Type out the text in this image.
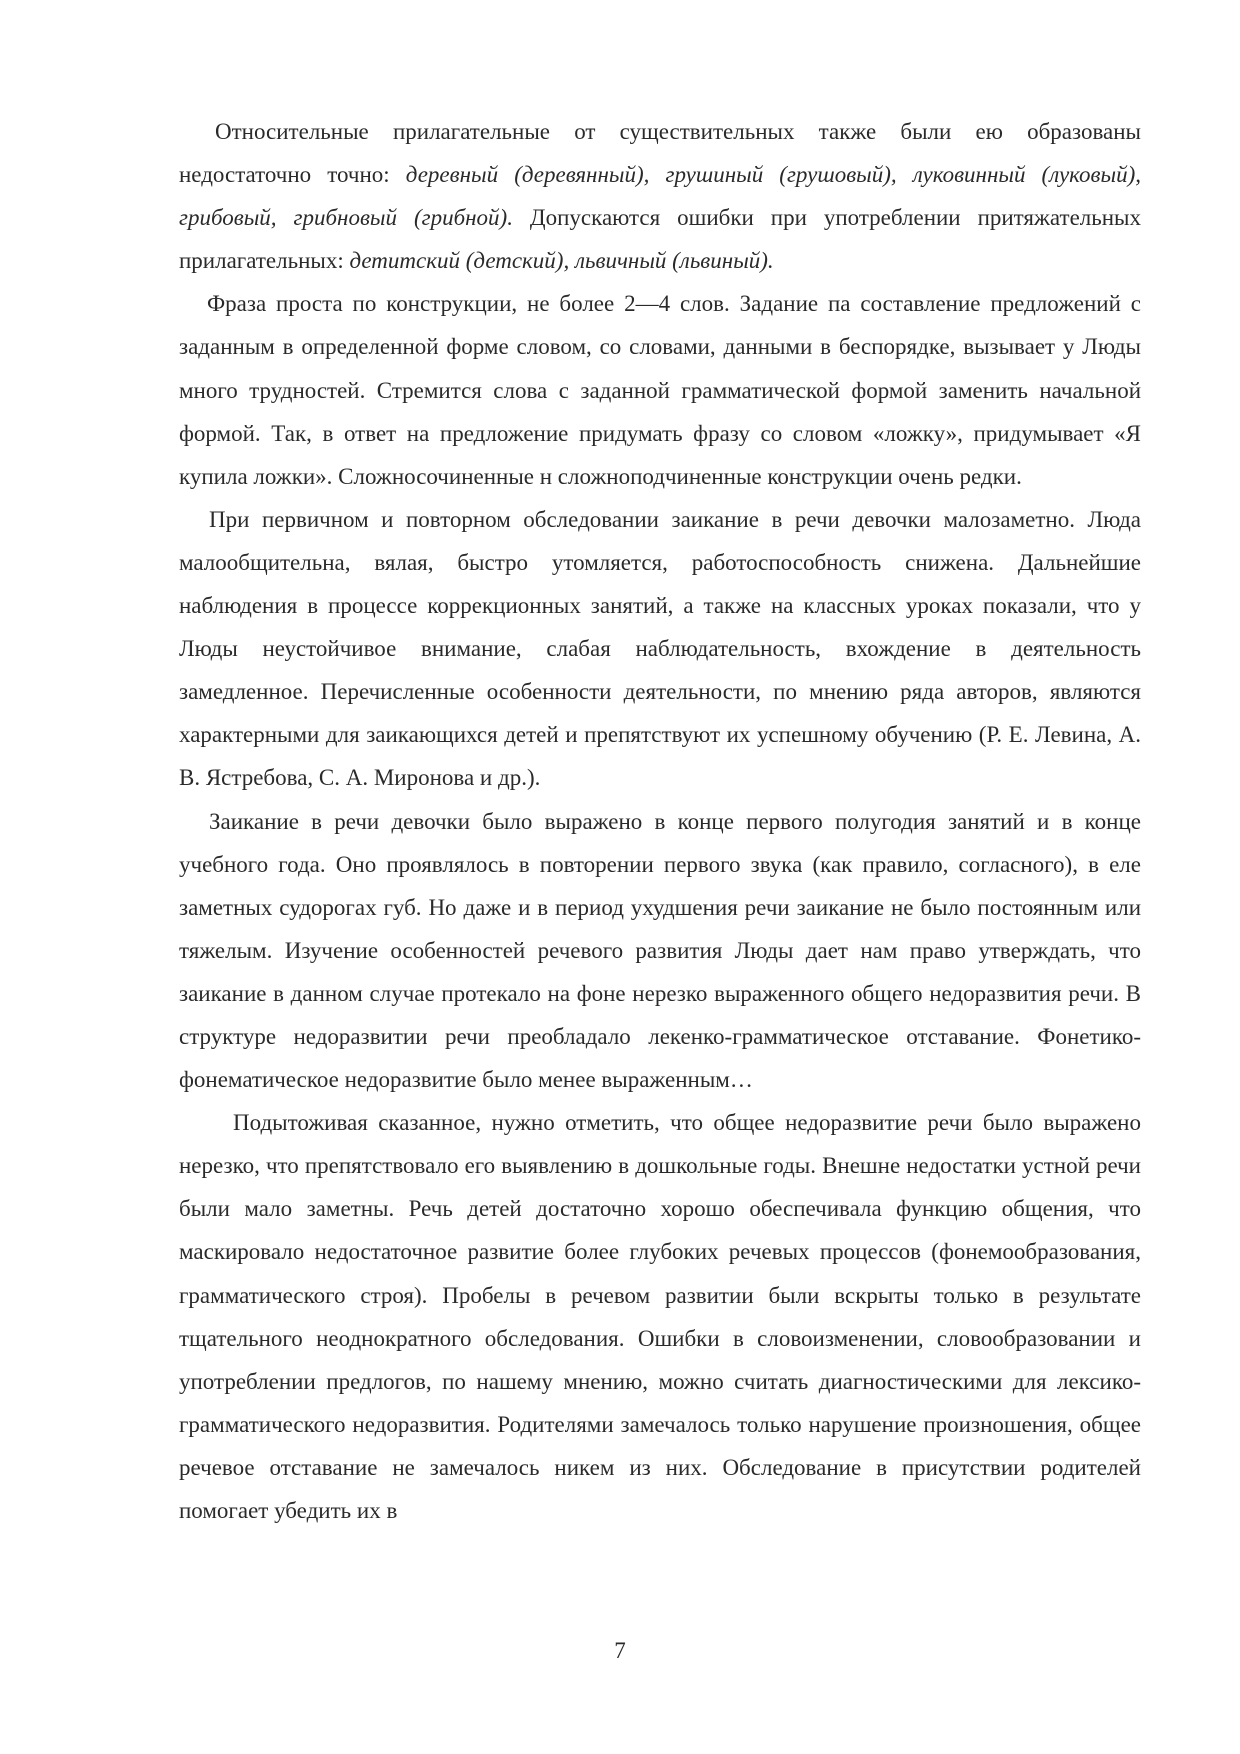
Относительные прилагательные от существительных также были ею образованы недостаточно точно: деревный (деревянный), грушиный (грушовый), луковинный (луковый), грибовый, грибновый (грибной). Допускаются ошибки при употреблении притяжательных прилагательных: детитский (детский), львичный (львиный).

Фраза проста по конструкции, не более 2—4 слов. Задание па составление предложений с заданным в определенной форме словом, со словами, данными в беспорядке, вызывает у Люды много трудностей. Стремится слова с заданной грамматической формой заменить начальной формой. Так, в ответ на предложение придумать фразу со словом «ложку», придумывает «Я купила ложки». Сложносочиненные н сложноподчиненные конструкции очень редки.

При первичном и повторном обследовании заикание в речи девочки малозаметно. Люда малообщительна, вялая, быстро утомляется, работоспособность снижена. Дальнейшие наблюдения в процессе коррекционных занятий, а также на классных уроках показали, что у Люды неустойчивое внимание, слабая наблюдательность, вхождение в деятельность замедленное. Перечисленные особенности деятельности, по мнению ряда авторов, являются характерными для заикающихся детей и препятствуют их успешному обучению (Р. Е. Левина, А. В. Ястребова, С. А. Миронова и др.).

Заикание в речи девочки было выражено в конце первого полугодия занятий и в конце учебного года. Оно проявлялось в повторении первого звука (как правило, согласного), в еле заметных судорогах губ. Но даже и в период ухудшения речи заикание не было постоянным или тяжелым. Изучение особенностей речевого развития Люды дает нам право утверждать, что заикание в данном случае протекало на фоне нерезко выраженного общего недоразвития речи. В структуре недоразвитии речи преобладало лекенко-грамматическое отставание. Фонетико-фонематическое недоразвитие было менее выраженным…

Подытоживая сказанное, нужно отметить, что общее недоразвитие речи было выражено нерезко, что препятствовало его выявлению в дошкольные годы. Внешне недостатки устной речи были мало заметны. Речь детей достаточно хорошо обеспечивала функцию общения, что маскировало недостаточное развитие более глубоких речевых процессов (фонемообразования, грамматического строя). Пробелы в речевом развитии были вскрыты только в результате тщательного неоднократного обследования. Ошибки в словоизменении, словообразовании и употреблении предлогов, по нашему мнению, можно считать диагностическими для лексико-грамматического недоразвития. Родителями замечалось только нарушение произношения, общее речевое отставание не замечалось никем из них. Обследование в присутствии родителей помогает убедить их в

7
